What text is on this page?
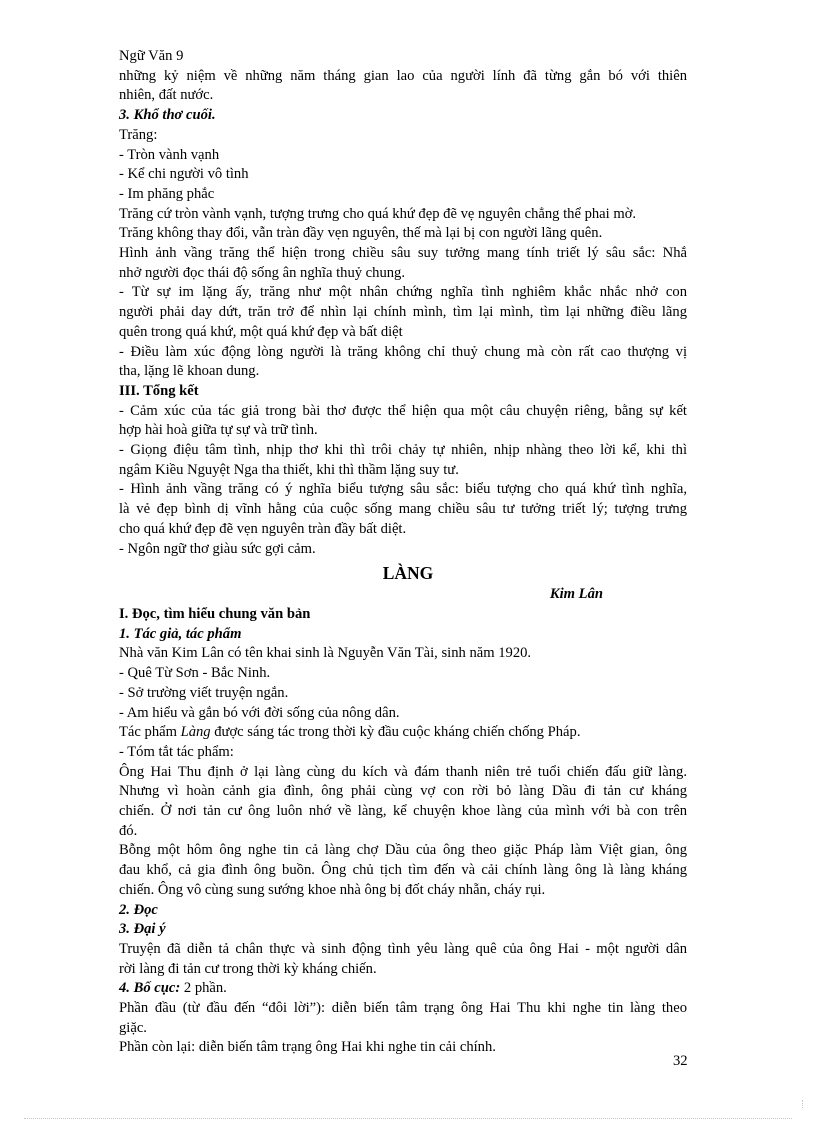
Ngữ Văn 9
những kỷ niệm về những năm tháng gian lao của người lính đã từng gắn bó với thiên
nhiên, đất nước.
3. Khổ thơ cuối.
Trăng:
- Tròn vành vạnh
- Kể chi người vô tình
- Im phăng phắc
Trăng cứ tròn vành vạnh, tượng trưng cho quá khứ đẹp đẽ vẹ nguyên chẳng thể phai mờ.
Trăng không thay đổi, vẫn tràn đầy vẹn nguyên, thế mà lại bị con người lãng quên.
Hình ảnh vầng trăng thể hiện trong chiều sâu suy tưởng mang tính triết lý sâu sắc: Nhắ
nhở người đọc thái độ sống ân nghĩa thuỷ chung.
- Từ sự im lặng ấy, trăng như một nhân chứng nghĩa tình nghiêm khắc nhắc nhở con
người phải day dứt, trăn trở để nhìn lại chính mình, tìm lại mình, tìm lại những điều lãng
quên trong quá khứ, một quá khứ đẹp và bất diệt
- Điều làm xúc động lòng người là trăng không chỉ thuỷ chung mà còn rất cao thượng vị
tha, lặng lẽ khoan dung.
III. Tổng kết
- Cảm xúc của tác giả trong bài thơ được thể hiện qua một câu chuyện riêng, bằng sự kết
hợp hài hoà giữa tự sự và trữ tình.
- Giọng điệu tâm tình, nhịp thơ khi thì trôi chảy tự nhiên, nhịp nhàng theo lời kể, khi thì
ngâm Kiều Nguyệt Nga tha thiết, khi thì thầm lặng suy tư.
- Hình ảnh vầng trăng có ý nghĩa biểu tượng sâu sắc: biểu tượng cho quá khứ tình nghĩa,
là vẻ đẹp bình dị vĩnh hằng của cuộc sống mang chiều sâu tư tưởng triết lý; tượng trưng
cho quá khứ đẹp đẽ vẹn nguyên tràn đầy bất diệt.
- Ngôn ngữ thơ giàu sức gợi cảm.
LÀNG
Kim Lân
I. Đọc, tìm hiểu chung văn bản
1. Tác giả, tác phẩm
Nhà văn Kim Lân có tên khai sinh là Nguyễn Văn Tài, sinh năm 1920.
- Quê Từ Sơn - Bắc Ninh.
- Sở trường viết truyện ngắn.
- Am hiểu và gắn bó với đời sống của nông dân.
Tác phẩm Làng được sáng tác trong thời kỳ đầu cuộc kháng chiến chống Pháp.
- Tóm tắt tác phẩm:
Ông Hai Thu định ở lại làng cùng du kích và đám thanh niên trẻ tuổi chiến đấu giữ làng.
Nhưng vì hoàn cảnh gia đình, ông phải cùng vợ con rời bỏ làng Dầu đi tản cư kháng
chiến. Ở nơi tản cư ông luôn nhớ về làng, kể chuyện khoe làng của mình với bà con trên
đó.
Bỗng một hôm ông nghe tin cả làng chợ Dầu của ông theo giặc Pháp làm Việt gian, ông
đau khổ, cả gia đình ông buồn. Ông chủ tịch tìm đến và cải chính làng ông là làng kháng
chiến. Ông vô cùng sung sướng khoe nhà ông bị đốt cháy nhẵn, cháy rụi.
2. Đọc
3. Đại ý
Truyện đã diễn tả chân thực và sinh động tình yêu làng quê của ông Hai - một người dân
rời làng đi tản cư trong thời kỳ kháng chiến.
4. Bố cục: 2 phần.
Phần đầu (từ đầu đến “đôi lời”): diễn biến tâm trạng ông Hai Thu khi nghe tin làng theo
giặc.
Phần còn lại: diễn biến tâm trạng ông Hai khi nghe tin cải chính.
32
